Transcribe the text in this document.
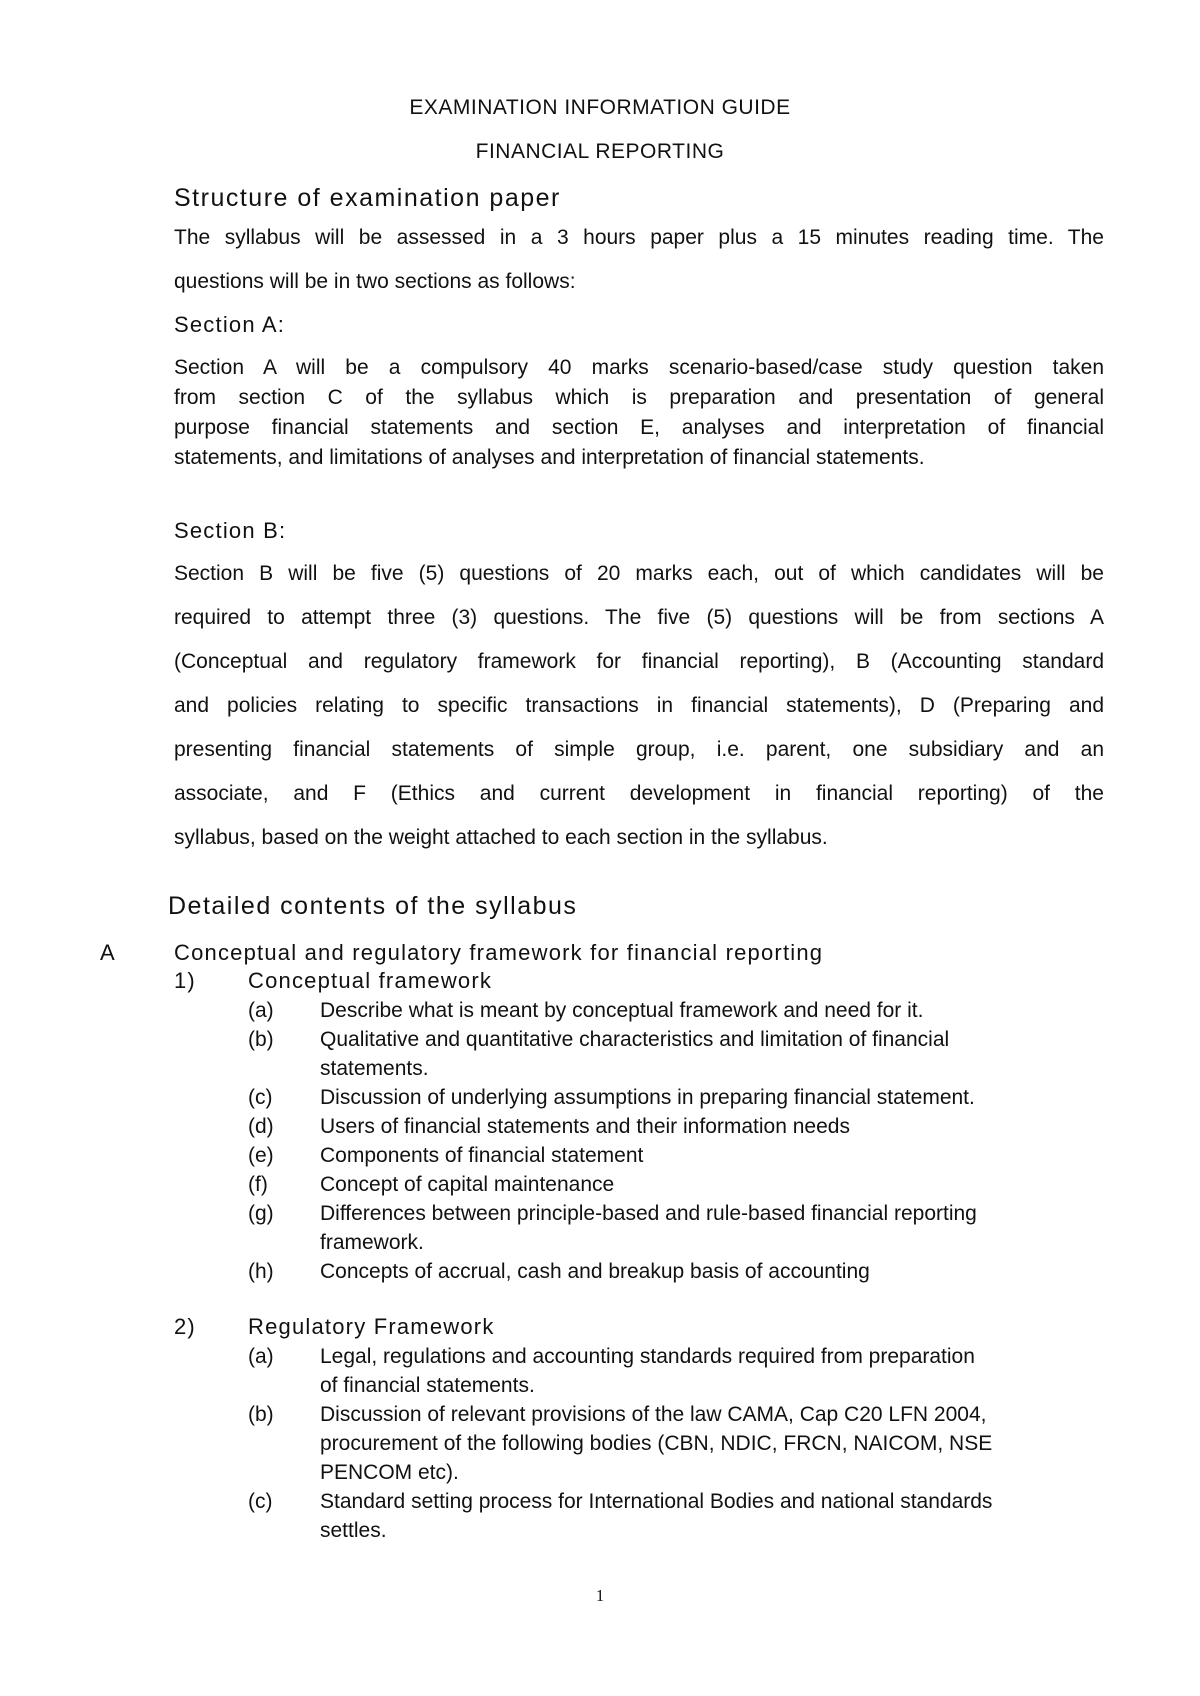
EXAMINATION INFORMATION GUIDE
FINANCIAL REPORTING
Structure of examination paper
The syllabus will be assessed in a 3 hours paper plus a 15 minutes reading time. The
questions will be in two sections as follows:
Section A:
Section A will be a compulsory 40 marks scenario-based/case study question taken
from section C of the syllabus which is preparation and presentation of general
purpose financial statements and section E, analyses and interpretation of financial
statements, and limitations of analyses and interpretation of financial statements.
Section B:
Section B will be five (5) questions of 20 marks each, out of which candidates will be
required to attempt three (3) questions. The five (5) questions will be from sections A
(Conceptual and regulatory framework for financial reporting), B (Accounting standard
and policies relating to specific transactions in financial statements), D (Preparing and
presenting financial statements of simple group, i.e. parent, one subsidiary and an
associate, and F (Ethics and current development in financial reporting) of the
syllabus, based on the weight attached to each section in the syllabus.
Detailed contents of the syllabus
A	Conceptual and regulatory framework for financial reporting
1) Conceptual framework
(a) Describe what is meant by conceptual framework and need for it.
(b) Qualitative and quantitative characteristics and limitation of financial
statements.
(c) Discussion of underlying assumptions in preparing financial statement.
(d) Users of financial statements and their information needs
(e) Components of financial statement
(f) Concept of capital maintenance
(g) Differences between principle-based and rule-based financial reporting
framework.
(h) Concepts of accrual, cash and breakup basis of accounting
2) Regulatory Framework
(a) Legal, regulations and accounting standards required from preparation
of financial statements.
(b) Discussion of relevant provisions of the law CAMA, Cap C20 LFN 2004,
procurement of the following bodies (CBN, NDIC, FRCN, NAICOM, NSE
PENCOM etc).
(c) Standard setting process for International Bodies and national standards
settles.
1
